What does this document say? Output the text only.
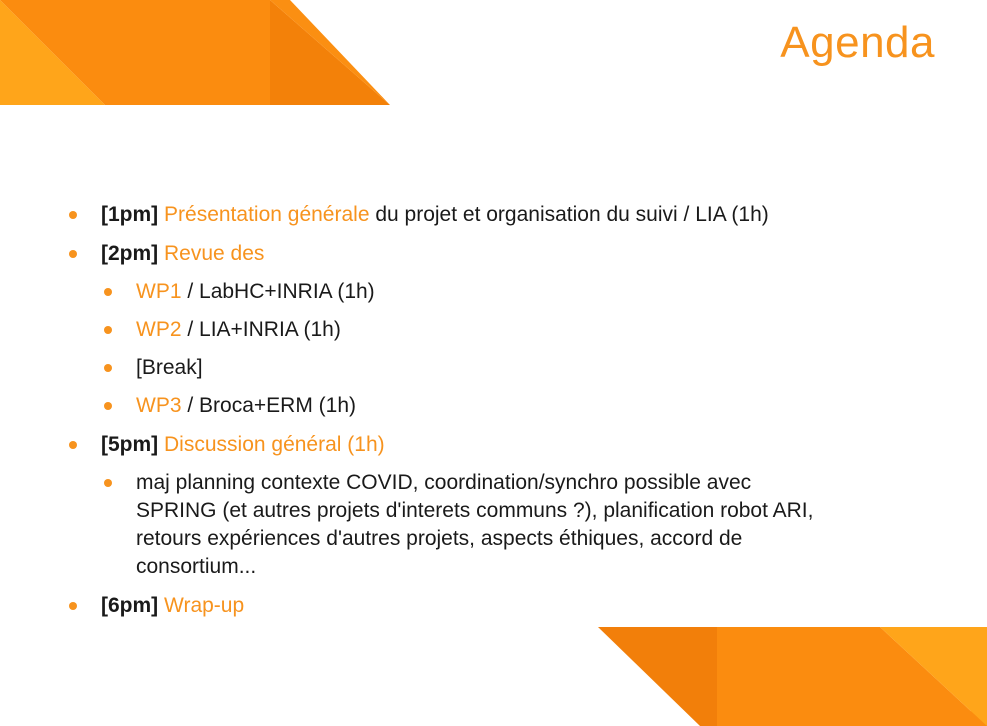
Agenda
[1pm] Présentation générale du projet et organisation du suivi / LIA (1h)
[2pm] Revue des
WP1 / LabHC+INRIA (1h)
WP2 / LIA+INRIA (1h)
[Break]
WP3 / Broca+ERM (1h)
[5pm] Discussion général (1h)
maj planning contexte COVID, coordination/synchro possible avec
SPRING (et autres projets d'interets communs ?), planification robot ARI,
retours expériences d'autres projets, aspects éthiques, accord de
consortium...
[6pm] Wrap-up
